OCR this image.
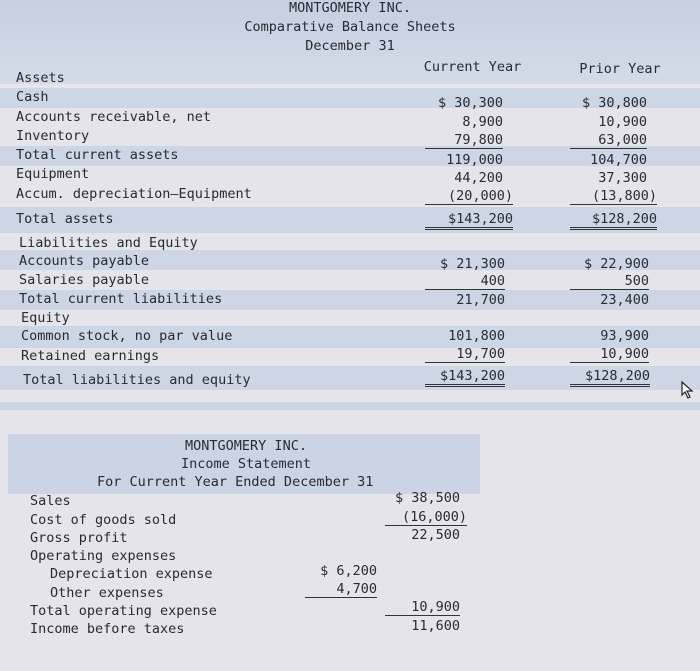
MONTGOMERY INC.
Comparative Balance Sheets
December 31
Current Year	Prior Year
Assets
Cash	$ 30,300	$ 30,800
Accounts receivable, net	8,900	10,900
Inventory	79,800	63,000
Total current assets	119,000	104,700
Equipment	44,200	37,300
Accum. depreciation—Equipment	(20,000)	(13,800)
Total assets	$143,200	$128,200
Liabilities and Equity
Accounts payable	$ 21,300	$ 22,900
Salaries payable	400	500
Total current liabilities	21,700	23,400
Equity
Common stock, no par value	101,800	93,900
Retained earnings	19,700	10,900
Total liabilities and equity	$143,200	$128,200
MONTGOMERY INC.
Income Statement
For Current Year Ended December 31
Sales	$ 38,500
Cost of goods sold	(16,000)
Gross profit	22,500
Operating expenses
Depreciation expense	$ 6,200
Other expenses	4,700
Total operating expense	10,900
Income before taxes	11,600
